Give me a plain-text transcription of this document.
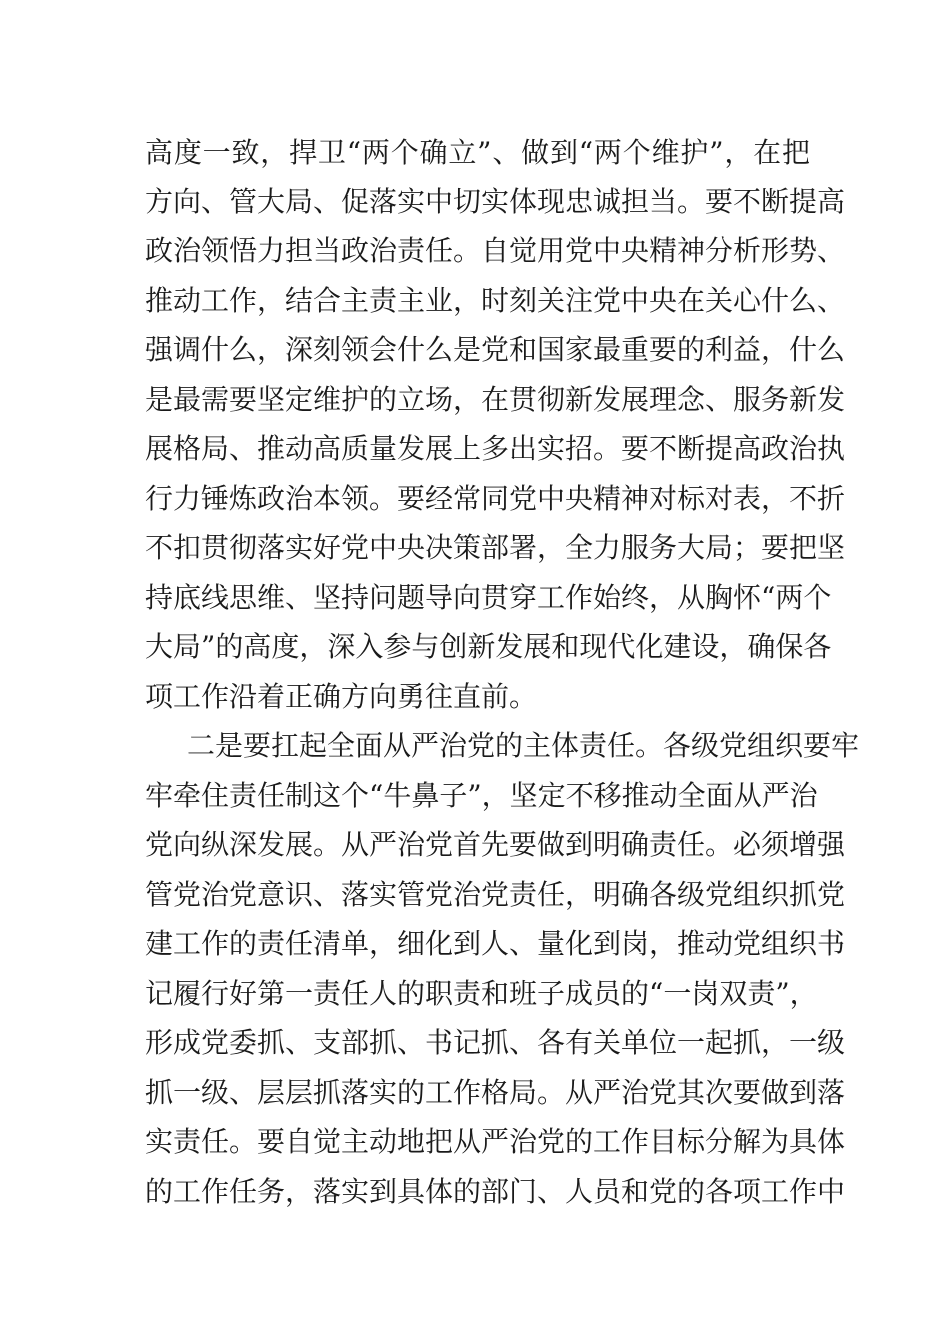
高度一致，捍卫“两个确立”、做到“两个维护”，在把
方向、管大局、促落实中切实体现忠诚担当。要不断提高
政治领悟力担当政治责任。自觉用党中央精神分析形势、
推动工作，结合主责主业，时刻关注党中央在关心什么、
强调什么，深刻领会什么是党和国家最重要的利益，什么
是最需要坚定维护的立场，在贯彻新发展理念、服务新发
展格局、推动高质量发展上多出实招。要不断提高政治执
行力锤炼政治本领。要经常同党中央精神对标对表，不折
不扣贯彻落实好党中央决策部署，全力服务大局；要把坚
持底线思维、坚持问题导向贯穿工作始终，从胸怀“两个
大局”的高度，深入参与创新发展和现代化建设，确保各
项工作沿着正确方向勇往直前。
二是要扛起全面从严治党的主体责任。各级党组织要牢
牢牵住责任制这个“牛鼻子”，坚定不移推动全面从严治
党向纵深发展。从严治党首先要做到明确责任。必须增强
管党治党意识、落实管党治党责任，明确各级党组织抓党
建工作的责任清单，细化到人、量化到岗，推动党组织书
记履行好第一责任人的职责和班子成员的“一岗双责”，
形成党委抓、支部抓、书记抓、各有关单位一起抓，一级
抓一级、层层抓落实的工作格局。从严治党其次要做到落
实责任。要自觉主动地把从严治党的工作目标分解为具体
的工作任务，落实到具体的部门、人员和党的各项工作中
